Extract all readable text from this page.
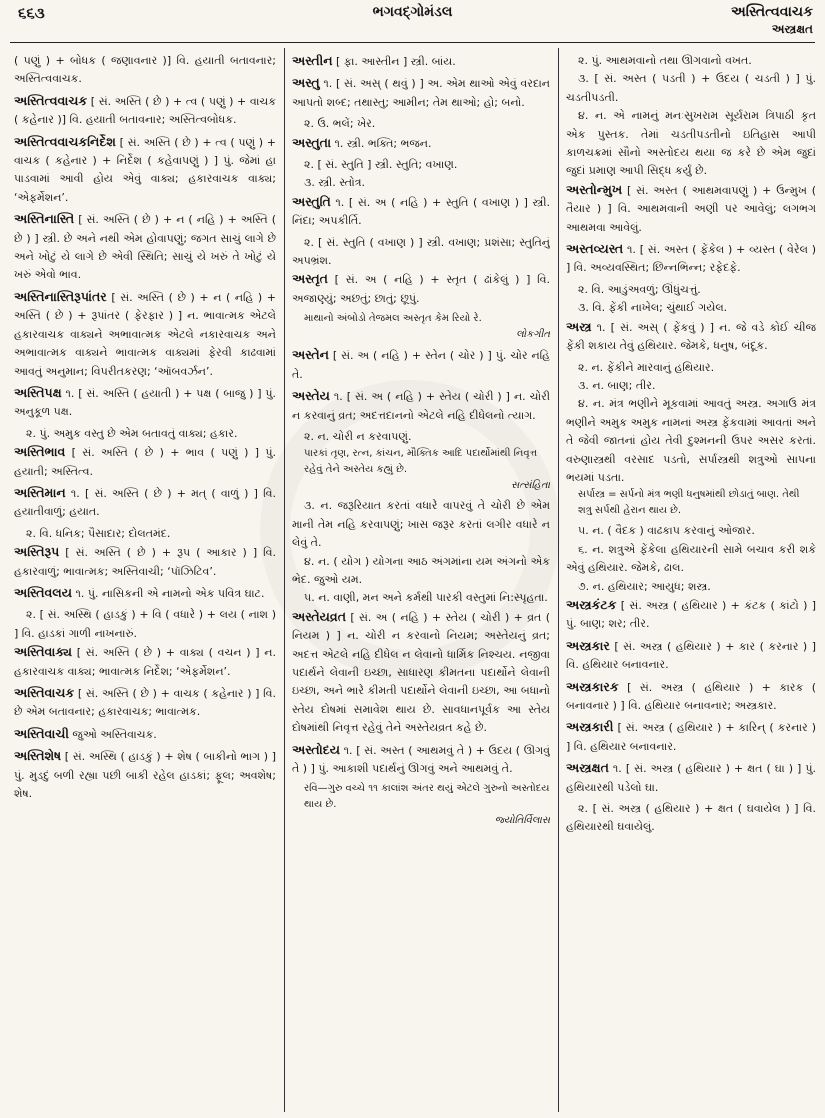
૬૬૩	ભગવદ્ગોમંડલ	અસ્તિત્વવાચક
અસ્ત્રક્ષત
( પણું ) + બોધક ( જણાવનાર )] વિ. હયાતી બતાવનાર; અસ્તિત્વવાચક.
અસ્તિત્વવાચક [ સં. અસ્તિ ( છે ) + ત્વ ( પણું ) + વાચક ( કહેનાર )] વિ. હયાતી બતાવનાર; અસ્તિત્વબોધક.
અસ્તિત્વવાચકનિર્દેશ [ સં. અસ્તિ ( છે ) + ત્વ ( પણું ) + વાચક ( કહેનાર ) + નિર્દેશ ( કહેવાપણું ) ] પું. જેમાં હા પાડવામાં આવી હોય એવું વાક્ય; હકારવાચક વાક્ય; ‘એફર્મેશન’.
અસ્તિનાસ્તિ [ સં. અસ્તિ ( છે ) + ન ( નહિ ) + અસ્તિ ( છે ) ] સ્ત્રી. છે અને નથી એમ હોવાપણું; જગત સાચું લાગે છે અને ખોટું યે લાગે છે એવી સ્થિતિ; સાચું યે ખરું તે ખોટું યે ખરું એવો ભાવ.
અસ્તિનાસ્તિરૂપાંતર [ સં. અસ્તિ ( છે ) + ન ( નહિ ) + અસ્તિ ( છે ) + રૂપાંતર ( ફેરફાર ) ] ન. ભાવાત્મક એટલે હકારવાચક વાક્યને અભાવાત્મક એટલે નકારવાચક અને અભાવાત્મક વાક્યને ભાવાત્મક વાક્યમાં ફેરવી કાઢવામાં આવતું અનુમાન; વિપરીતકરણ; ‘ઑબવર્ઝન’.
અસ્તિપક્ષ ૧. [ સં. અસ્તિ ( હયાતી ) + પક્ષ ( બાજુ ) ] પું. અનુકૂળ પક્ષ.
૨. પું. અમુક વસ્તુ છે એમ બતાવતું વાક્ય; હકાર.
અસ્તિભાવ [ સં. અસ્તિ ( છે ) + ભાવ ( પણું ) ] પું. હયાતી; અસ્તિત્વ.
અસ્તિમાન ૧. [ સં. અસ્તિ ( છે ) + મત્ ( વાળું ) ] વિ. હયાતીવાળું; હયાત.
૨. વિ. ધનિક; પૈસાદાર; દોલતમંદ.
અસ્તિરૂપ [ સં. અસ્તિ ( છે ) + રૂપ ( આકાર ) ] વિ. હકારવાળું; ભાવાત્મક; અસ્તિવાચી; ‘પૉઝિટિવ’.
અસ્તિવલય ૧. પું. નાસિકની એ નામનો એક પવિત્ર ઘાટ.
૨. [ સં. અસ્થિ ( હાડકું ) + વિ ( વધારે ) + લય ( નાશ ) ] વિ. હાડકાં ગાળી નાખનારું.
અસ્તિવાક્ય [ સં. અસ્તિ ( છે ) + વાક્ય ( વચન ) ] ન. હકારવાચક વાક્ય; ભાવાત્મક નિર્દેશ; ‘એફર્મેશન’.
અસ્તિવાચક [ સં. અસ્તિ ( છે ) + વાચક ( કહેનાર ) ] વિ. છે એમ બતાવનાર; હકારવાચક; ભાવાત્મક.
અસ્તિવાચી જુઓ અસ્તિવાચક.
અસ્તિશેષ [ સં. અસ્થિ ( હાડકું ) + શેષ ( બાકીનો ભાગ ) ] પું. મુડદું બળી રહ્યા પછી બાકી રહેલ હાડકાં; ફૂલ; અવશેષ; શેષ.
અસ્તીન [ ફા. આસ્તીન ] સ્ત્રી. બાંય.
અસ્તુ ૧. [ સં. અસ્ ( થવું ) ] અ. એમ થાઓ એવું વરદાન આપતો શબ્દ; તથાસ્તુ; આમીન; તેમ થાઓ; હો; બનો.
૨. ઉ. ભલેં; ખેર.
અસ્તુતા ૧. સ્ત્રી. ભક્તિ; ભજન.
૨. [ સં. સ્તુતિ ] સ્ત્રી. સ્તુતિ; વખાણ.
૩. સ્ત્રી. સ્તોત્ર.
અસ્તુતિ ૧. [ સં. અ ( નહિ ) + સ્તુતિ ( વખાણ ) ] સ્ત્રી. નિંદા; અપકીર્તિ.
૨. [ સં. સ્તુતિ ( વખાણ ) ] સ્ત્રી. વખાણ; પ્રશંસા; સ્તુતિનું અપભ્રંશ.
અસ્તૃત [ સં. અ ( નહિ ) + સ્તૃત ( ઢાંકેલું ) ] વિ. અજાણ્યું; અછતું; છાતું; છૂપું.
માથાનો અંબોડો તેજમલ અસ્તૃત કેમ રિયો રે.
લોકગીત
અસ્તેન [ સં. અ ( નહિ ) + સ્તેન ( ચોર ) ] પું. ચોર નહિ તે.
અસ્તેય ૧. [ સં. અ ( નહિ ) + સ્તેય ( ચોરી ) ] ન. ચોરી ન કરવાનું વ્રત; અદત્તદાનનો એટલે નહિ દીધેલનો ત્યાગ.
૨. ન. ચોરી ન કરવાપણું.
પારકાં તૃણ, રત્ન, કાંચન, મૌક્તિક આદિ પદાર્થોમાંથી નિવૃત્ત રહેવું તેને અસ્તેય કહ્યું છે.
સત્સંહિતા
૩. ન. જરૂરિયાત કરતાં વધારે વાપરવું તે ચોરી છે એમ માની તેમ નહિ કરવાપણું; ખાસ જરૂર કરતાં લગીર વધારે ન લેવું તે.
૪. ન. ( યોગ ) યોગના આઠ અંગમાંના યમ અંગનો એક ભેદ. જુઓ યમ.
૫. ન. વાણી, મન અને કર્મથી પારકી વસ્તુમાં નિ:સ્પૃહતા.
અસ્તેયવ્રત [ સં. અ ( નહિ ) + સ્તેય ( ચોરી ) + વ્રત ( નિયમ ) ] ન. ચોરી ન કરવાનો નિયમ; અસ્તેયનું વ્રત; અદત્ત એટલે નહિ દીધેલ ન લેવાનો ધાર્મિક નિશ્ચય. નજીવા પદાર્થને લેવાની ઇચ્છા, સાધારણ કીમતના પદાર્થોને લેવાની ઇચ્છા, અને ભારે કીમતી પદાર્થોને લેવાની ઇચ્છા, આ બધાનો સ્તેય દોષમાં સમાવેશ થાય છે. સાવધાનપૂર્વક આ સ્તેય દોષમાંથી નિવૃત્ત રહેવું તેને અસ્તેયવ્રત કહે છે.
અસ્તોદય ૧. [ સં. અસ્ત ( આથમવું તે ) + ઉદય ( ઊગવું તે ) ] પું. આકાશી પદાર્થનું ઊગવું અને આથમવું તે.
રવિ—ગુરુ વચ્ચે ૧૧ કાલાંશ અંતર થયું એટલે ગુરુનો અસ્તોદય થાય છે.
જ્યોતિર્વિલાસ
૨. પું. આથમવાનો તથા ઊગવાનો વખત.
૩. [ સં. અસ્ત ( પડતી ) + ઉદય ( ચડતી ) ] પું. ચડતીપડતી.
૪. ન. એ નામનું મનઃસુખરામ સૂર્યરામ ત્રિપાઠી કૃત એક પુસ્તક. તેમાં ચડતીપડતીનો ઇતિહાસ આપી કાળચક્રમાં સૌનો અસ્તોદય થયા જ કરે છે એમ જુદાં જુદાં પ્રમાણ આપી સિદ્ધ કર્યું છે.
અસ્તોન્મુખ [ સં. અસ્ત ( આથમવાપણું ) + ઉન્મુખ ( તૈયાર ) ] વિ. આથમવાની અણી પર આવેલું; લગભગ આથમવા આવેલું.
અસ્તવ્યસ્ત ૧. [ સં. અસ્ત ( ફેંકેલ ) + વ્યસ્ત ( વેરેલ ) ] વિ. અવ્યવસ્થિત; છિન્નભિન્ન; રફેદફે.
૨. વિ. આડુંઅવળું; ઊંધુંચત્તું.
૩. વિ. ફેંકી નાખેલ; ચુંથાઈ ગયેલ.
અસ્ત્ર ૧. [ સં. અસ્ ( ફેંકવું ) ] ન. જે વડે કોઈ ચીજ ફેંકી શકાય તેવું હથિયાર. જેમકે, ધનુષ, બંદૂક.
૨. ન. ફેંકીને મારવાનું હથિયાર.
૩. ન. બાણ; તીર.
૪. ન. મંત્ર ભણીને મૂકવામાં આવતું અસ્ત્ર. અગાઉ મંત્ર ભણીને અમુક અમુક નામનાં અસ્ત્ર ફેંકવામાં આવતાં અને તે જેવી જાતનાં હોય તેવી દુશ્મનની ઉપર અસર કરતાં. વરુણાસ્ત્રથી વરસાદ પડતો, સર્પાસ્ત્રથી શત્રુઓ સાપના ભયમાં પડતા.
સર્પાસ્ત્ર = સર્પનો મંત્ર ભણી ધનુષમાંથી છોડાતું બાણ. તેથી શત્રુ સર્પથી હેરાન થાય છે.
૫. ન. ( વૈદક ) વાઢકાપ કરવાનું ઓજાર.
૬. ન. શત્રુએ ફેંકેલા હથિયારની સામે બચાવ કરી શકે એવું હથિયાર. જેમકે, ઢાલ.
૭. ન. હથિયાર; આયુધ; શસ્ત્ર.
અસ્ત્રકંટક [ સં. અસ્ત્ર ( હથિયાર ) + કંટક ( કાંટો ) ] પું. બાણ; શર; તીર.
અસ્ત્રકાર [ સં. અસ્ત્ર ( હથિયાર ) + કાર ( કરનાર ) ] વિ. હથિયાર બનાવનાર.
અસ્ત્રકારક [ સં. અસ્ત્ર ( હથિયાર ) + કારક ( બનાવનાર ) ] વિ. હથિયાર બનાવનાર; અસ્ત્રકાર.
અસ્ત્રકારી [ સં. અસ્ત્ર ( હથિયાર ) + કારિન્ ( કરનાર ) ] વિ. હથિયાર બનાવનાર.
અસ્ત્રક્ષત ૧. [ સં. અસ્ત્ર ( હથિયાર ) + ક્ષત ( ઘા ) ] પું. હથિયારથી પડેલો ઘા.
૨. [ સં. અસ્ત્ર ( હથિયાર ) + ક્ષત ( ઘવાયેલ ) ] વિ. હથિયારથી ઘવાયેલું.
